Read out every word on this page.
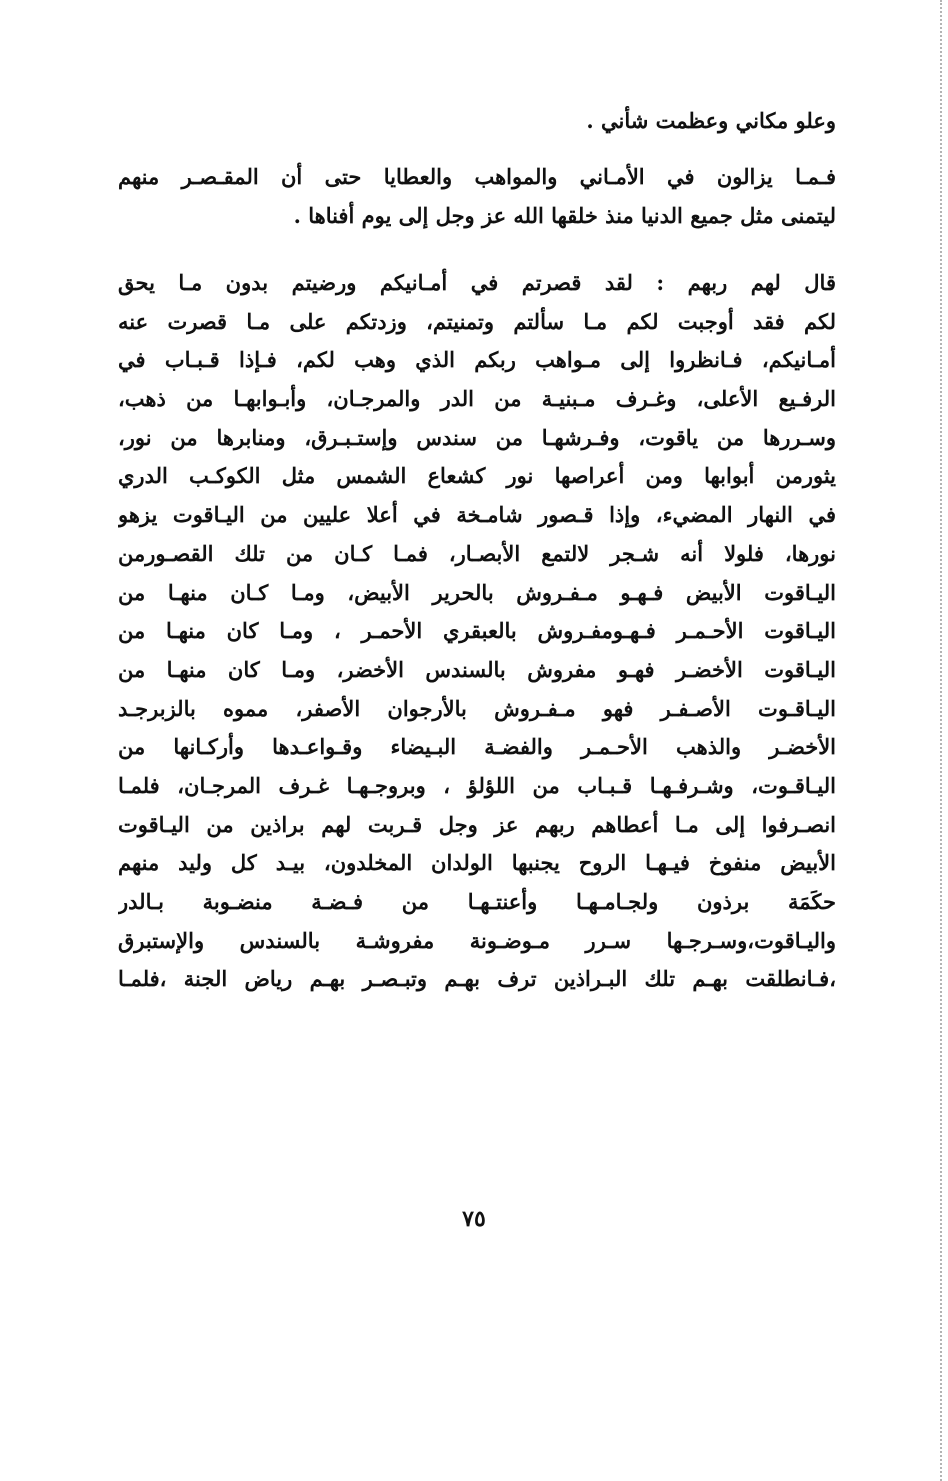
وعلو مكاني وعظمت شأني .
فـمـا يزالون في الأمـاني والمواهب والعطايا حتى أن المقـصـر منهم
ليتمنى مثل جميع الدنيا منذ خلقها الله عز وجل إلى يوم أفناها .
قال لهم ربهم : لقد قصرتم في أمـانيكم ورضيتم بدون مـا يحق
لكم فقد أوجبت لكم مـا سألتم وتمنيتم، وزدتكم على مـا قصرت عنه
أمـانيكم، فـانظروا إلى مـواهب ربكم الذي وهب لكم، فـإذا قـبـاب في
الرفـيع الأعلى، وغـرف مـبنيـة من الدر والمرجـان، وأبـوابهـا من ذهب،
وسـررها من ياقوت، وفـرشهـا من سندس وإستـبـرق، ومنابرها من نور،
يثورمن أبوابها ومن أعراصها نور كشعاع الشمس مثل الكوكـب الدري
في النهار المضيء، وإذا قـصور شامـخة في أعلا عليين من اليـاقوت يزهو
نورها، فلولا أنه شـجر لالتمع الأبصـار، فمـا كـان من تلك القصـورمن
اليـاقوت الأبيض فـهـو مـفـروش بالحرير الأبيض، ومـا كـان منهـا من
اليـاقوت الأحـمـر فـهـومفـروش بالعبقري الأحمـر ، ومـا كان منهـا من
اليـاقوت الأخضـر فهـو مفروش بالسندس الأخضر، ومـا كان منهـا من
اليـاقـوت الأصـفـر فهو مـفـروش بالأرجوان الأصفر، مموه بالزبرجـد
الأخضـر والذهب الأحـمـر والفضـة البـيضاء وقـواعـدها وأركـانها من
اليـاقـوت، وشـرفـهـا قـبـاب من اللؤلؤ ، وبروجـهـا غـرف المرجـان، فلمـا
انصـرفوا إلى مـا أعطاهم ربهم عز وجل قـربت لهم براذين من اليـاقوت
الأبيض منفوخ فيـهـا الروح يجنبها الولدان المخلدون، بيـد كل وليد منهم
حكَمَة برذون ولجـامـهـا وأعنتـهـا من فـضـة منضـوبة بـالدر
واليـاقوت،وسـرجـها سـرر مـوضـونة مفروشـة بالسندس والإستبرق
،فـانطلقت بهـم تلك البـراذين ترف بهـم وتبـصـر بهـم رياض الجنة ،فلمـا
٧٥
